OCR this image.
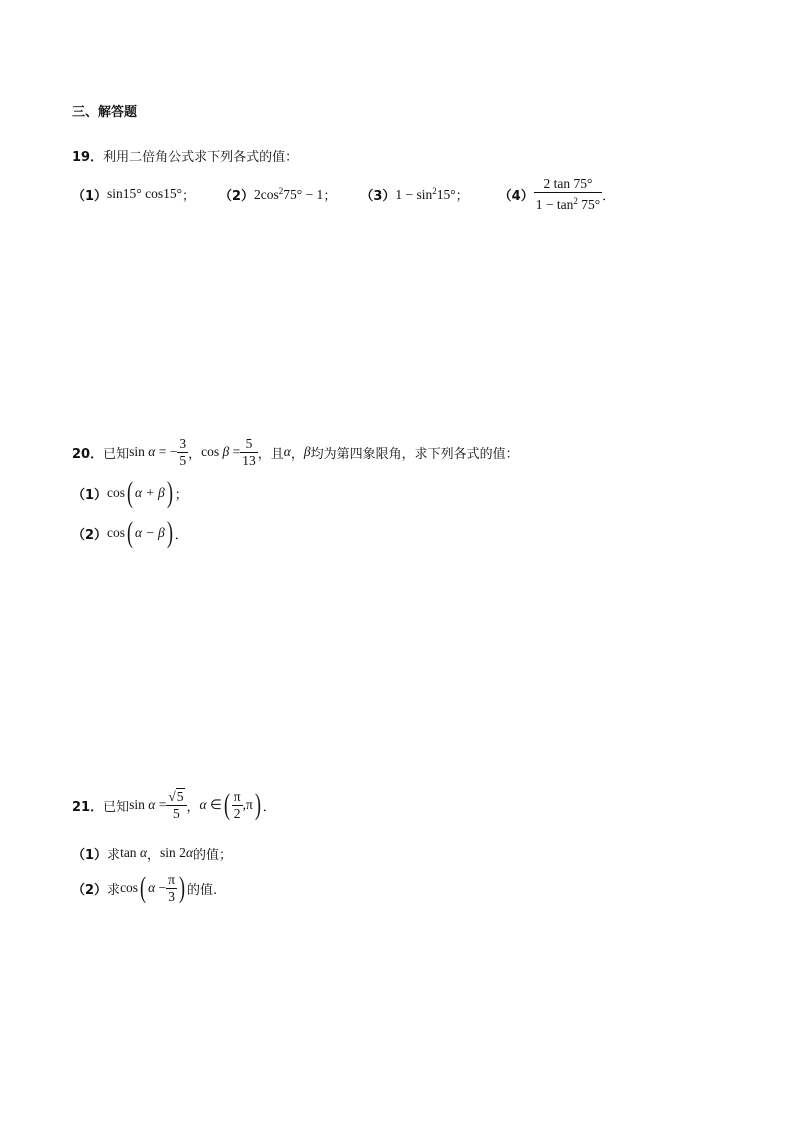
三、解答题
19．利用二倍角公式求下列各式的值：
（1） sin15° cos15° ； （2） $2\cos^275^\circ - 1$ ； （3） $1 - \sin^215^\circ$ ； $(4) \frac{2 \tan 75^\circ}{1 - \tan^2 75^\circ}$ ．
20． 已知 sin α = − $\frac{3}{5}$ ， $\cos \beta = \frac{5}{13}$ ，且 α ， β 均为第四象限角，求下列各式的值：
（1） cos ( α + β ) ；
（2） cos ( α − β ) ．
21． 已知 $\sin \alpha = \frac{√5}{5}$ ， α ∈ ( $\frac{\pi}{2} ,\pi$ ) ．
（1） 求 tan α ， sin 2α 的值；
（2） 求 cos ( $\alpha - \frac{\pi}{3}$ ) 的值.
